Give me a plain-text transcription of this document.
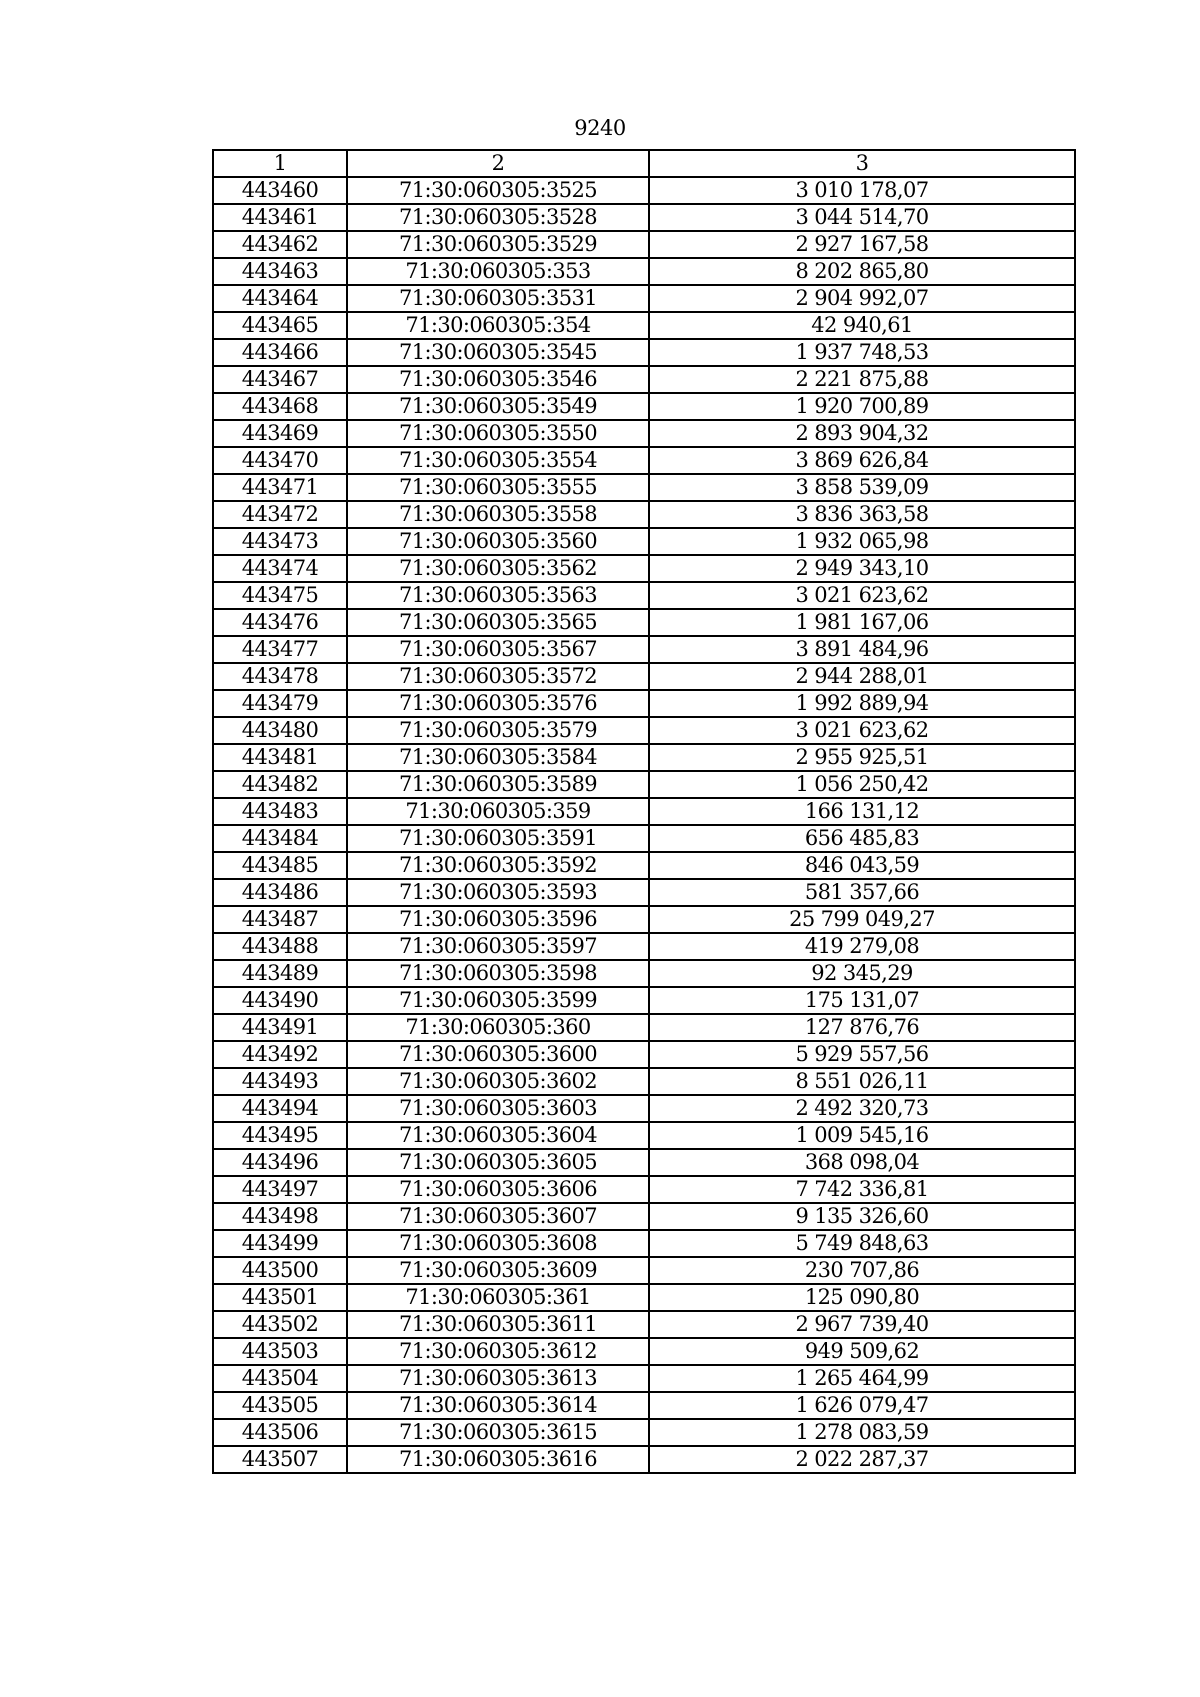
9240
1	2	3
443460	71:30:060305:3525	3 010 178,07
443461	71:30:060305:3528	3 044 514,70
443462	71:30:060305:3529	2 927 167,58
443463	71:30:060305:353	8 202 865,80
443464	71:30:060305:3531	2 904 992,07
443465	71:30:060305:354	42 940,61
443466	71:30:060305:3545	1 937 748,53
443467	71:30:060305:3546	2 221 875,88
443468	71:30:060305:3549	1 920 700,89
443469	71:30:060305:3550	2 893 904,32
443470	71:30:060305:3554	3 869 626,84
443471	71:30:060305:3555	3 858 539,09
443472	71:30:060305:3558	3 836 363,58
443473	71:30:060305:3560	1 932 065,98
443474	71:30:060305:3562	2 949 343,10
443475	71:30:060305:3563	3 021 623,62
443476	71:30:060305:3565	1 981 167,06
443477	71:30:060305:3567	3 891 484,96
443478	71:30:060305:3572	2 944 288,01
443479	71:30:060305:3576	1 992 889,94
443480	71:30:060305:3579	3 021 623,62
443481	71:30:060305:3584	2 955 925,51
443482	71:30:060305:3589	1 056 250,42
443483	71:30:060305:359	166 131,12
443484	71:30:060305:3591	656 485,83
443485	71:30:060305:3592	846 043,59
443486	71:30:060305:3593	581 357,66
443487	71:30:060305:3596	25 799 049,27
443488	71:30:060305:3597	419 279,08
443489	71:30:060305:3598	92 345,29
443490	71:30:060305:3599	175 131,07
443491	71:30:060305:360	127 876,76
443492	71:30:060305:3600	5 929 557,56
443493	71:30:060305:3602	8 551 026,11
443494	71:30:060305:3603	2 492 320,73
443495	71:30:060305:3604	1 009 545,16
443496	71:30:060305:3605	368 098,04
443497	71:30:060305:3606	7 742 336,81
443498	71:30:060305:3607	9 135 326,60
443499	71:30:060305:3608	5 749 848,63
443500	71:30:060305:3609	230 707,86
443501	71:30:060305:361	125 090,80
443502	71:30:060305:3611	2 967 739,40
443503	71:30:060305:3612	949 509,62
443504	71:30:060305:3613	1 265 464,99
443505	71:30:060305:3614	1 626 079,47
443506	71:30:060305:3615	1 278 083,59
443507	71:30:060305:3616	2 022 287,37
